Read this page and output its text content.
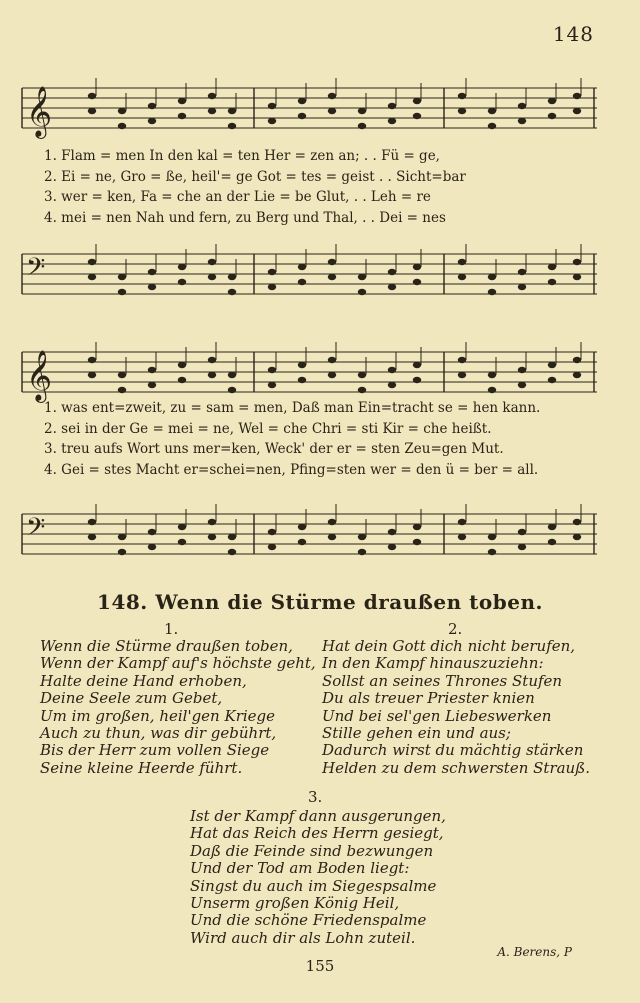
148
𝄞
1. Flam = men In den kal = ten Her = zen an; . . Fü = ge,
2. Ei = ne, Gro = ße, heil'= ge Got = tes = geist . . Sicht=bar
3. wer = ken, Fa = che an der Lie = be Glut, . . Leh = re
4. mei = nen Nah und fern, zu Berg und Thal, . . Dei = nes
𝄢
𝄞
1. was ent=zweit, zu = sam = men, Daß man Ein=tracht se = hen kann.
2. sei in der Ge = mei = ne, Wel = che Chri = sti Kir = che heißt.
3. treu aufs Wort uns mer=ken, Weck' der er = sten Zeu=gen Mut.
4. Gei = stes Macht er=schei=nen, Pfing=sten wer = den ü = ber = all.
𝄢
148. Wenn die Stürme draußen toben.
1.
Wenn die Stürme draußen toben,
Wenn der Kampf auf's höchste geht,
Halte deine Hand erhoben,
Deine Seele zum Gebet,
Um im großen, heil'gen Kriege
Auch zu thun, was dir gebührt,
Bis der Herr zum vollen Siege
Seine kleine Heerde führt.
2.
Hat dein Gott dich nicht berufen,
In den Kampf hinauszuziehn:
Sollst an seines Thrones Stufen
Du als treuer Priester knien
Und bei sel'gen Liebeswerken
Stille gehen ein und aus;
Dadurch wirst du mächtig stärken
Helden zu dem schwersten Strauß.
3.
Ist der Kampf dann ausgerungen,
Hat das Reich des Herrn gesiegt,
Daß die Feinde sind bezwungen
Und der Tod am Boden liegt:
Singst du auch im Siegespsalme
Unserm großen König Heil,
Und die schöne Friedenspalme
Wird auch dir als Lohn zuteil.
A. Berens, P
155
